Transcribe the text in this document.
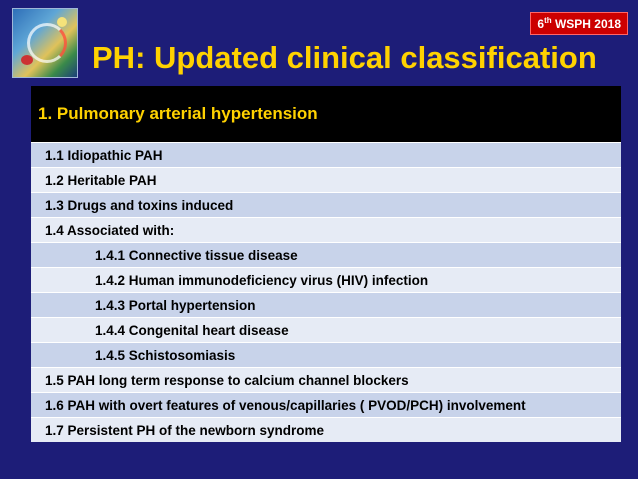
6th WSPH 2018
PH: Updated clinical classification
1. Pulmonary arterial hypertension
1.1 Idiopathic PAH
1.2 Heritable PAH
1.3 Drugs and toxins induced
1.4 Associated with:
1.4.1 Connective tissue disease
1.4.2 Human immunodeficiency virus (HIV) infection
1.4.3 Portal hypertension
1.4.4 Congenital heart disease
1.4.5 Schistosomiasis
1.5 PAH long term response to calcium channel blockers
1.6 PAH with overt features of venous/capillaries ( PVOD/PCH) involvement
1.7 Persistent PH of the newborn syndrome
